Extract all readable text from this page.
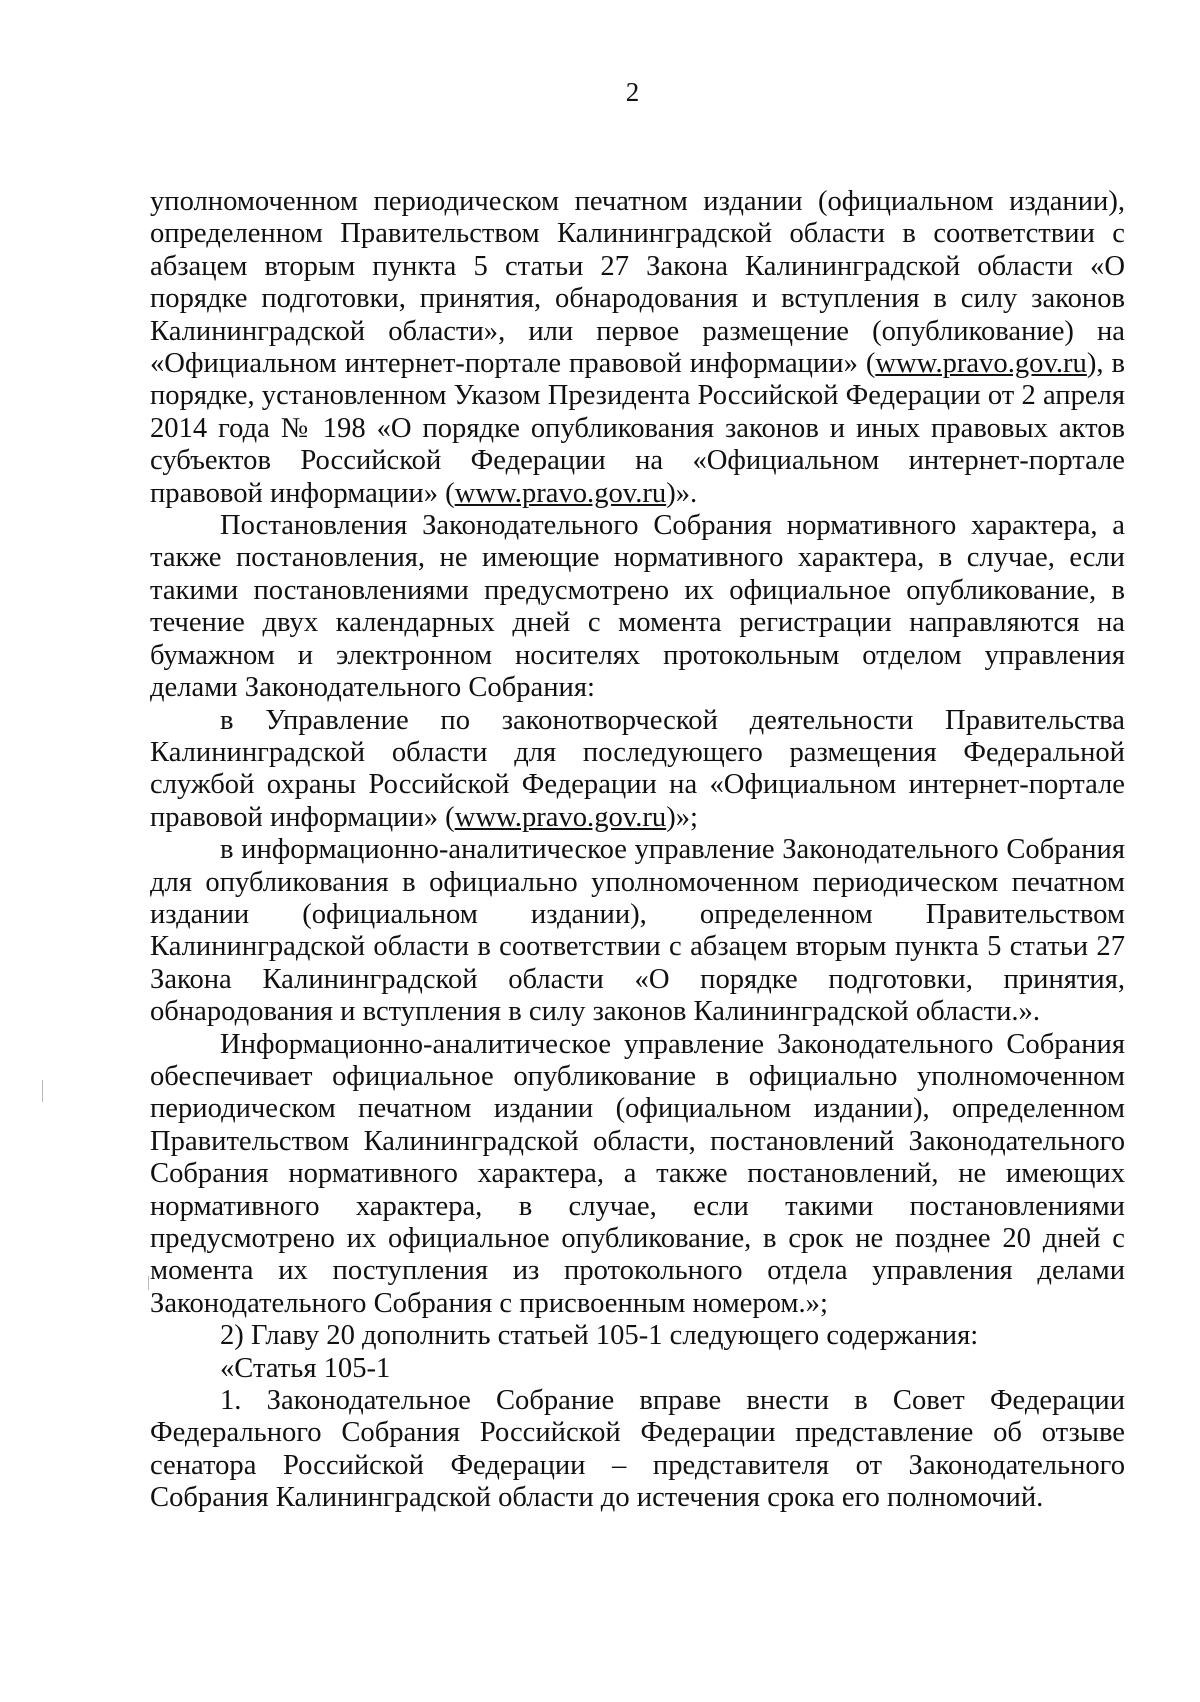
2

уполномоченном периодическом печатном издании (официальном издании), определенном Правительством Калининградской области в соответствии с абзацем вторым пункта 5 статьи 27 Закона Калининградской области «О порядке подготовки, принятия, обнародования и вступления в силу законов Калининградской области», или первое размещение (опубликование) на «Официальном интернет-портале правовой информации» (www.pravo.gov.ru), в порядке, установленном Указом Президента Российской Федерации от 2 апреля 2014 года № 198 «О порядке опубликования законов и иных правовых актов субъектов Российской Федерации на «Официальном интернет-портале правовой информации» (www.pravo.gov.ru)».

Постановления Законодательного Собрания нормативного характера, а также постановления, не имеющие нормативного характера, в случае, если такими постановлениями предусмотрено их официальное опубликование, в течение двух календарных дней с момента регистрации направляются на бумажном и электронном носителях протокольным отделом управления делами Законодательного Собрания:

в Управление по законотворческой деятельности Правительства Калининградской области для последующего размещения Федеральной службой охраны Российской Федерации на «Официальном интернет-портале правовой информации» (www.pravo.gov.ru)»;

в информационно-аналитическое управление Законодательного Собрания для опубликования в официально уполномоченном периодическом печатном издании (официальном издании), определенном Правительством Калининградской области в соответствии с абзацем вторым пункта 5 статьи 27 Закона Калининградской области «О порядке подготовки, принятия, обнародования и вступления в силу законов Калининградской области.».

Информационно-аналитическое управление Законодательного Собрания обеспечивает официальное опубликование в официально уполномоченном периодическом печатном издании (официальном издании), определенном Правительством Калининградской области, постановлений Законодательного Собрания нормативного характера, а также постановлений, не имеющих нормативного характера, в случае, если такими постановлениями предусмотрено их официальное опубликование, в срок не позднее 20 дней с момента их поступления из протокольного отдела управления делами Законодательного Собрания с присвоенным номером.»;

2) Главу 20 дополнить статьей 105-1 следующего содержания:

«Статья 105-1

1. Законодательное Собрание вправе внести в Совет Федерации Федерального Собрания Российской Федерации представление об отзыве сенатора Российской Федерации – представителя от Законодательного Собрания Калининградской области до истечения срока его полномочий.
